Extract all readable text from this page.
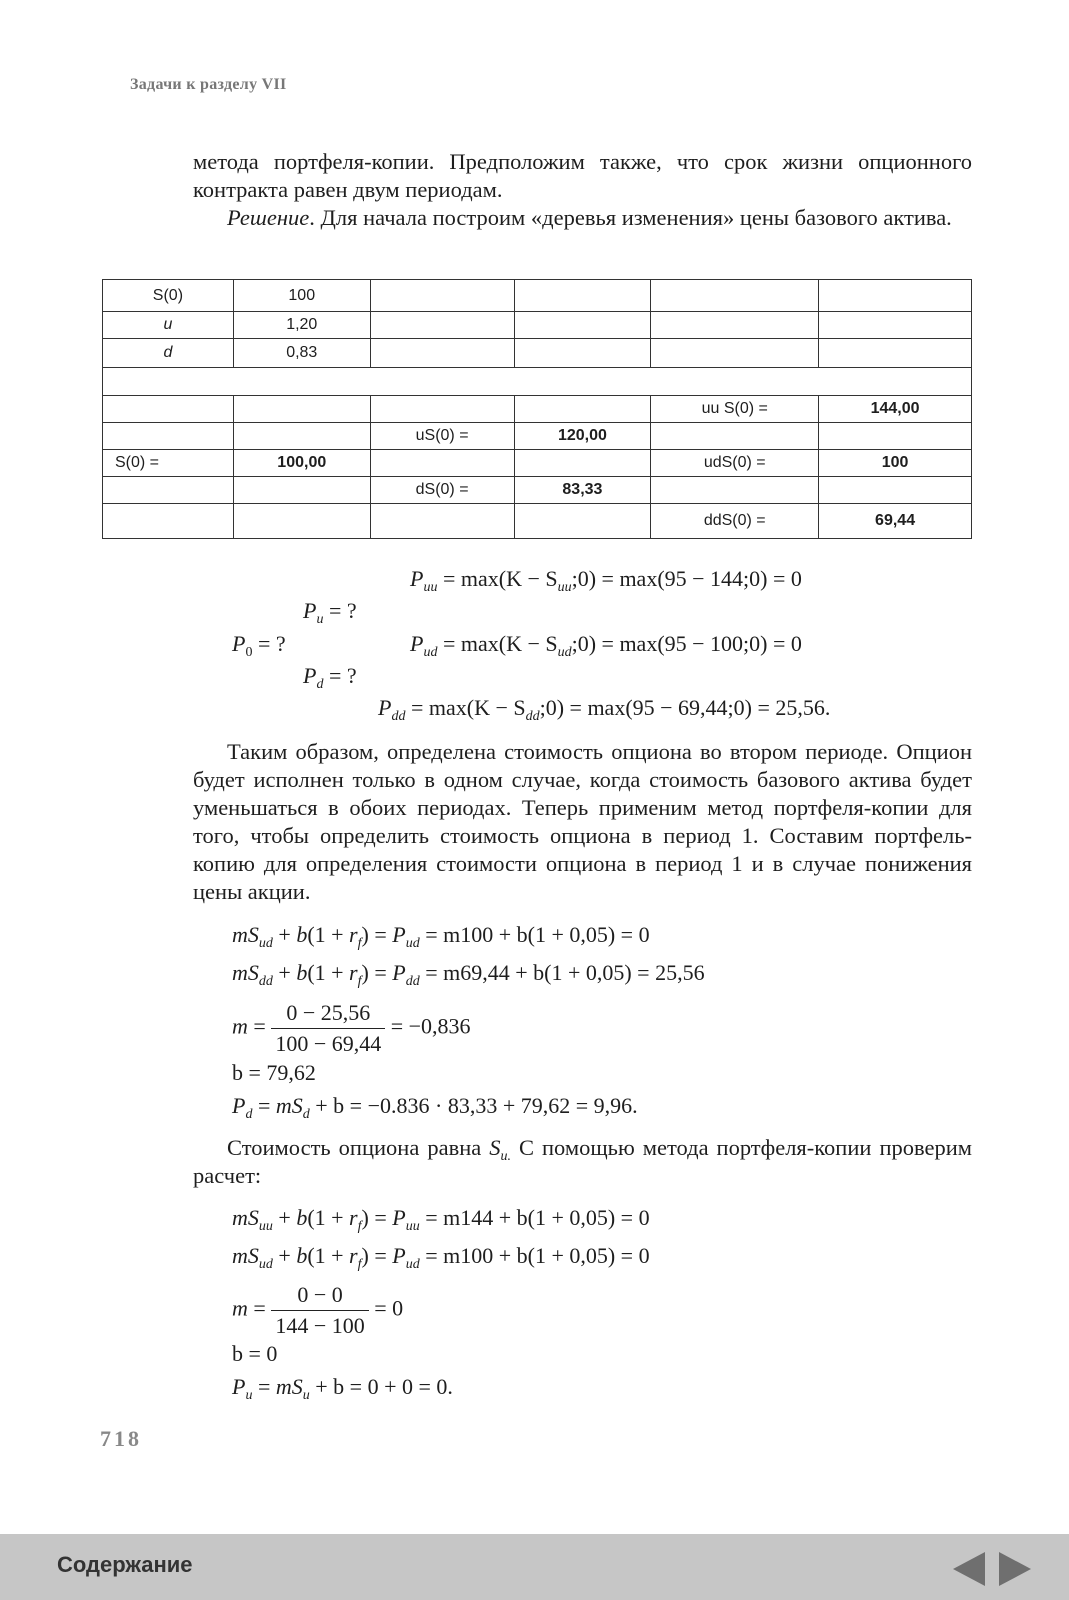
Задачи к разделу VII

метода портфеля-копии. Предположим также, что срок жизни опционного контракта равен двум периодам.

Решение. Для начала построим «деревья изменения» цены базового актива.

S(0)	100				
u	1,20				
d	0,83				

				uu S(0) =	144,00
		uS(0) =	120,00		
S(0) =	100,00			udS(0) =	100
		dS(0) =	83,33		
				ddS(0) =	69,44
$P_{uu} = \max(K$ − $S_{uu};0) = \max(95$ − 144;0) = 0
$P_u$ = ?
$P_0$ = ?	$P_{ud} = \max(K$ − $S_{ud};0) = \max(95$ − 100;0) = 0
$P_d$ = ?
$P_{dd} = \max(K$ − $S_{dd};0) = \max(95$ − 69,44;0) = 25,56.

Таким образом, определена стоимость опциона во втором периоде. Опцион будет исполнен только в одном случае, когда стоимость базового актива будет уменьшаться в обоих периодах. Теперь применим метод портфеля-копии для того, чтобы определить стоимость опциона в период 1. Составим портфель-копию для определения стоимости опциона в период 1 и в случае понижения цены акции.

$mS_{ud} + b(1 + r_f) = P_{ud} = m100 + b(1 + 0,05) = 0$
$mS_{dd} + b(1 + r_f) = P_{dd} = m69,44 + b(1 + 0,05) = 25,56$
$m = \frac{0 - 25,56}{100 - 69,44} = -0,836$
b = 79,62
$P_d = mS_d + b = -0.836 \cdot 83,33 + 79,62 = 9,96$.

Стоимость опциона равна $S_{u.}$ С помощью метода портфеля-копии проверим расчет:

$mS_{uu} + b(1 + r_f) = P_{uu} = m144 + b(1 + 0,05) = 0$
$mS_{ud} + b(1 + r_f) = P_{ud} = m100 + b(1 + 0,05) = 0$
$m = \frac{0 - 0}{144 - 100} = 0$
b = 0
$P_u = mS_u + b = 0 + 0 = 0$.
718
Содержание
